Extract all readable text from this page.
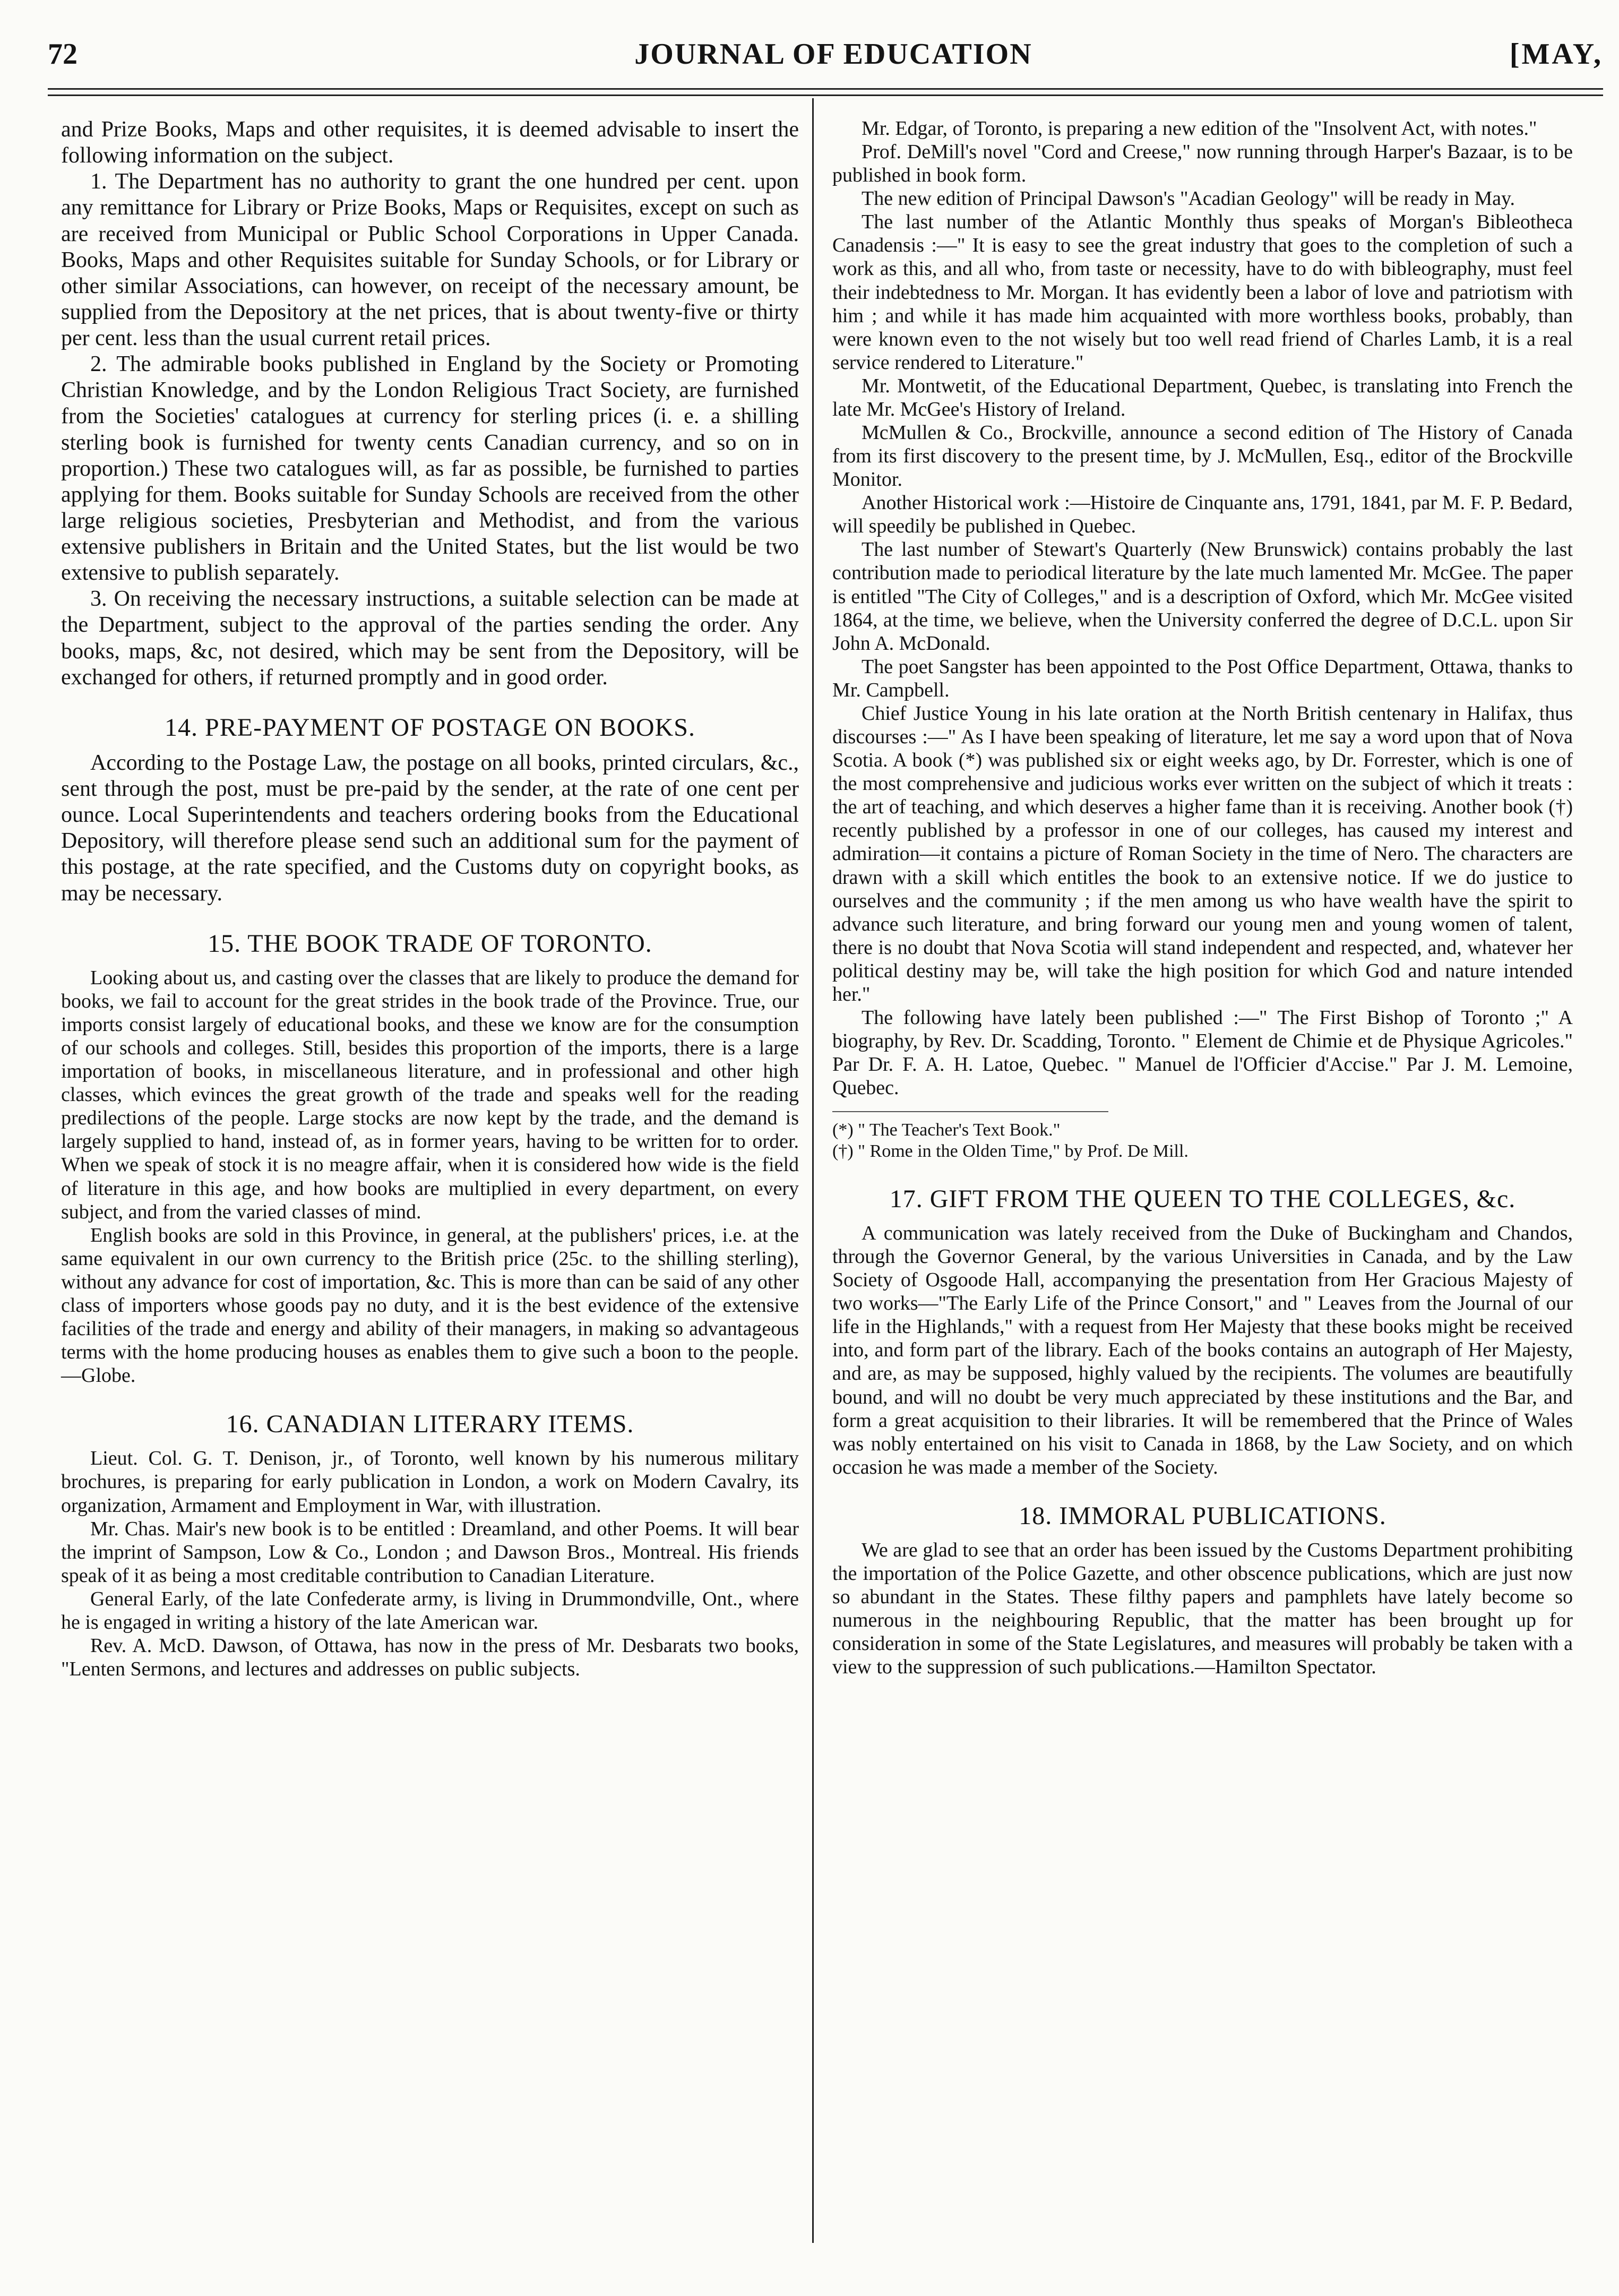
72	JOURNAL OF EDUCATION	[MAY,

and Prize Books, Maps and other requisites, it is deemed advisable to insert the following information on the subject.

1. The Department has no authority to grant the one hundred per cent. upon any remittance for Library or Prize Books, Maps or Requisites, except on such as are received from Municipal or Public School Corporations in Upper Canada. Books, Maps and other Requisites suitable for Sunday Schools, or for Library or other similar Associations, can however, on receipt of the necessary amount, be supplied from the Depository at the net prices, that is about twenty-five or thirty per cent. less than the usual current retail prices.

2. The admirable books published in England by the Society or Promoting Christian Knowledge, and by the London Religious Tract Society, are furnished from the Societies' catalogues at currency for sterling prices (i. e. a shilling sterling book is furnished for twenty cents Canadian currency, and so on in proportion.) These two catalogues will, as far as possible, be furnished to parties applying for them. Books suitable for Sunday Schools are received from the other large religious societies, Presbyterian and Methodist, and from the various extensive publishers in Britain and the United States, but the list would be two extensive to publish separately.

3. On receiving the necessary instructions, a suitable selection can be made at the Department, subject to the approval of the parties sending the order. Any books, maps, &c, not desired, which may be sent from the Depository, will be exchanged for others, if returned promptly and in good order.

14. PRE-PAYMENT OF POSTAGE ON BOOKS.

According to the Postage Law, the postage on all books, printed circulars, &c., sent through the post, must be pre-paid by the sender, at the rate of one cent per ounce. Local Superintendents and teachers ordering books from the Educational Depository, will therefore please send such an additional sum for the payment of this postage, at the rate specified, and the Customs duty on copyright books, as may be necessary.

15. THE BOOK TRADE OF TORONTO.

Looking about us, and casting over the classes that are likely to produce the demand for books, we fail to account for the great strides in the book trade of the Province. True, our imports consist largely of educational books, and these we know are for the consumption of our schools and colleges. Still, besides this proportion of the imports, there is a large importation of books, in miscellaneous literature, and in professional and other high classes, which evinces the great growth of the trade and speaks well for the reading predilections of the people. Large stocks are now kept by the trade, and the demand is largely supplied to hand, instead of, as in former years, having to be written for to order. When we speak of stock it is no meagre affair, when it is considered how wide is the field of literature in this age, and how books are multiplied in every department, on every subject, and from the varied classes of mind.

English books are sold in this Province, in general, at the publishers' prices, i.e. at the same equivalent in our own currency to the British price (25c. to the shilling sterling), without any advance for cost of importation, &c. This is more than can be said of any other class of importers whose goods pay no duty, and it is the best evidence of the extensive facilities of the trade and energy and ability of their managers, in making so advantageous terms with the home producing houses as enables them to give such a boon to the people.—Globe.

16. CANADIAN LITERARY ITEMS.

Lieut. Col. G. T. Denison, jr., of Toronto, well known by his numerous military brochures, is preparing for early publication in London, a work on Modern Cavalry, its organization, Armament and Employment in War, with illustration.

Mr. Chas. Mair's new book is to be entitled : Dreamland, and other Poems. It will bear the imprint of Sampson, Low & Co., London ; and Dawson Bros., Montreal. His friends speak of it as being a most creditable contribution to Canadian Literature.

General Early, of the late Confederate army, is living in Drummondville, Ont., where he is engaged in writing a history of the late American war.

Rev. A. McD. Dawson, of Ottawa, has now in the press of Mr. Desbarats two books, "Lenten Sermons, and lectures and addresses on public subjects.

Mr. Edgar, of Toronto, is preparing a new edition of the "Insolvent Act, with notes."

Prof. DeMill's novel "Cord and Creese," now running through Harper's Bazaar, is to be published in book form.

The new edition of Principal Dawson's "Acadian Geology" will be ready in May.

The last number of the Atlantic Monthly thus speaks of Morgan's Bibleotheca Canadensis :—" It is easy to see the great industry that goes to the completion of such a work as this, and all who, from taste or necessity, have to do with bibleography, must feel their indebtedness to Mr. Morgan. It has evidently been a labor of love and patriotism with him ; and while it has made him acquainted with more worthless books, probably, than were known even to the not wisely but too well read friend of Charles Lamb, it is a real service rendered to Literature."

Mr. Montwetit, of the Educational Department, Quebec, is translating into French the late Mr. McGee's History of Ireland.

McMullen & Co., Brockville, announce a second edition of The History of Canada from its first discovery to the present time, by J. McMullen, Esq., editor of the Brockville Monitor.

Another Historical work :—Histoire de Cinquante ans, 1791, 1841, par M. F. P. Bedard, will speedily be published in Quebec.

The last number of Stewart's Quarterly (New Brunswick) contains probably the last contribution made to periodical literature by the late much lamented Mr. McGee. The paper is entitled "The City of Colleges," and is a description of Oxford, which Mr. McGee visited 1864, at the time, we believe, when the University conferred the degree of D.C.L. upon Sir John A. McDonald.

The poet Sangster has been appointed to the Post Office Department, Ottawa, thanks to Mr. Campbell.

Chief Justice Young in his late oration at the North British centenary in Halifax, thus discourses :—" As I have been speaking of literature, let me say a word upon that of Nova Scotia. A book (*) was published six or eight weeks ago, by Dr. Forrester, which is one of the most comprehensive and judicious works ever written on the subject of which it treats : the art of teaching, and which deserves a higher fame than it is receiving. Another book (†) recently published by a professor in one of our colleges, has caused my interest and admiration—it contains a picture of Roman Society in the time of Nero. The characters are drawn with a skill which entitles the book to an extensive notice. If we do justice to ourselves and the community ; if the men among us who have wealth have the spirit to advance such literature, and bring forward our young men and young women of talent, there is no doubt that Nova Scotia will stand independent and respected, and, whatever her political destiny may be, will take the high position for which God and nature intended her."

The following have lately been published :—" The First Bishop of Toronto ;" A biography, by Rev. Dr. Scadding, Toronto. " Element de Chimie et de Physique Agricoles." Par Dr. F. A. H. Latoe, Quebec. " Manuel de l'Officier d'Accise." Par J. M. Lemoine, Quebec.

(*) " The Teacher's Text Book."
(†) " Rome in the Olden Time," by Prof. De Mill.
17. GIFT FROM THE QUEEN TO THE COLLEGES, &c.

A communication was lately received from the Duke of Buckingham and Chandos, through the Governor General, by the various Universities in Canada, and by the Law Society of Osgoode Hall, accompanying the presentation from Her Gracious Majesty of two works—"The Early Life of the Prince Consort," and " Leaves from the Journal of our life in the Highlands," with a request from Her Majesty that these books might be received into, and form part of the library. Each of the books contains an autograph of Her Majesty, and are, as may be supposed, highly valued by the recipients. The volumes are beautifully bound, and will no doubt be very much appreciated by these institutions and the Bar, and form a great acquisition to their libraries. It will be remembered that the Prince of Wales was nobly entertained on his visit to Canada in 1868, by the Law Society, and on which occasion he was made a member of the Society.

18. IMMORAL PUBLICATIONS.

We are glad to see that an order has been issued by the Customs Department prohibiting the importation of the Police Gazette, and other obscence publications, which are just now so abundant in the States. These filthy papers and pamphlets have lately become so numerous in the neighbouring Republic, that the matter has been brought up for consideration in some of the State Legislatures, and measures will probably be taken with a view to the suppression of such publications.—Hamilton Spectator.
